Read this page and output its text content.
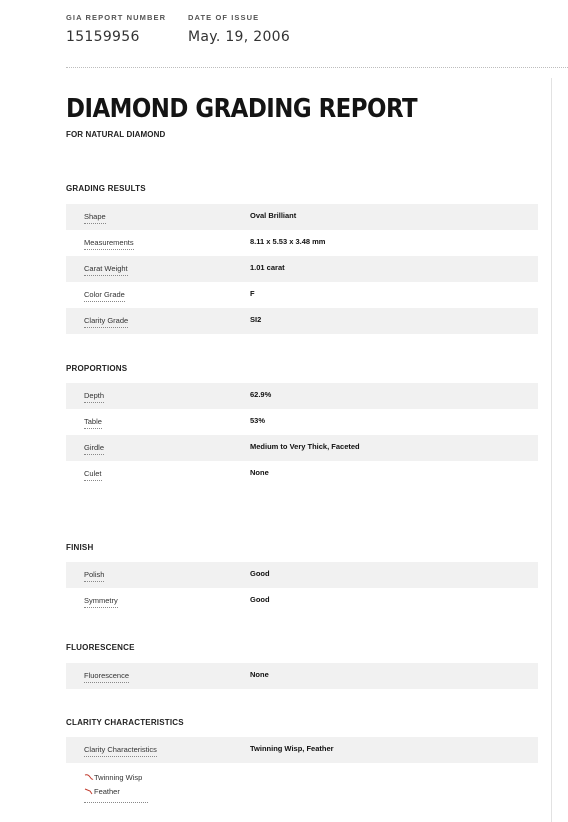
GIA REPORT NUMBER
15159956
DATE OF ISSUE
May. 19, 2006
DIAMOND GRADING REPORT
FOR NATURAL DIAMOND
GRADING RESULTS
Shape	Oval Brilliant
Measurements	8.11 x 5.53 x 3.48 mm
Carat Weight	1.01 carat
Color Grade	F
Clarity Grade	SI2
PROPORTIONS
Depth	62.9%
Table	53%
Girdle	Medium to Very Thick, Faceted
Culet	None
FINISH
Polish	Good
Symmetry	Good
FLUORESCENCE
Fluorescence	None
CLARITY CHARACTERISTICS
Clarity Characteristics	Twinning Wisp, Feather
Twinning Wisp
Feather
